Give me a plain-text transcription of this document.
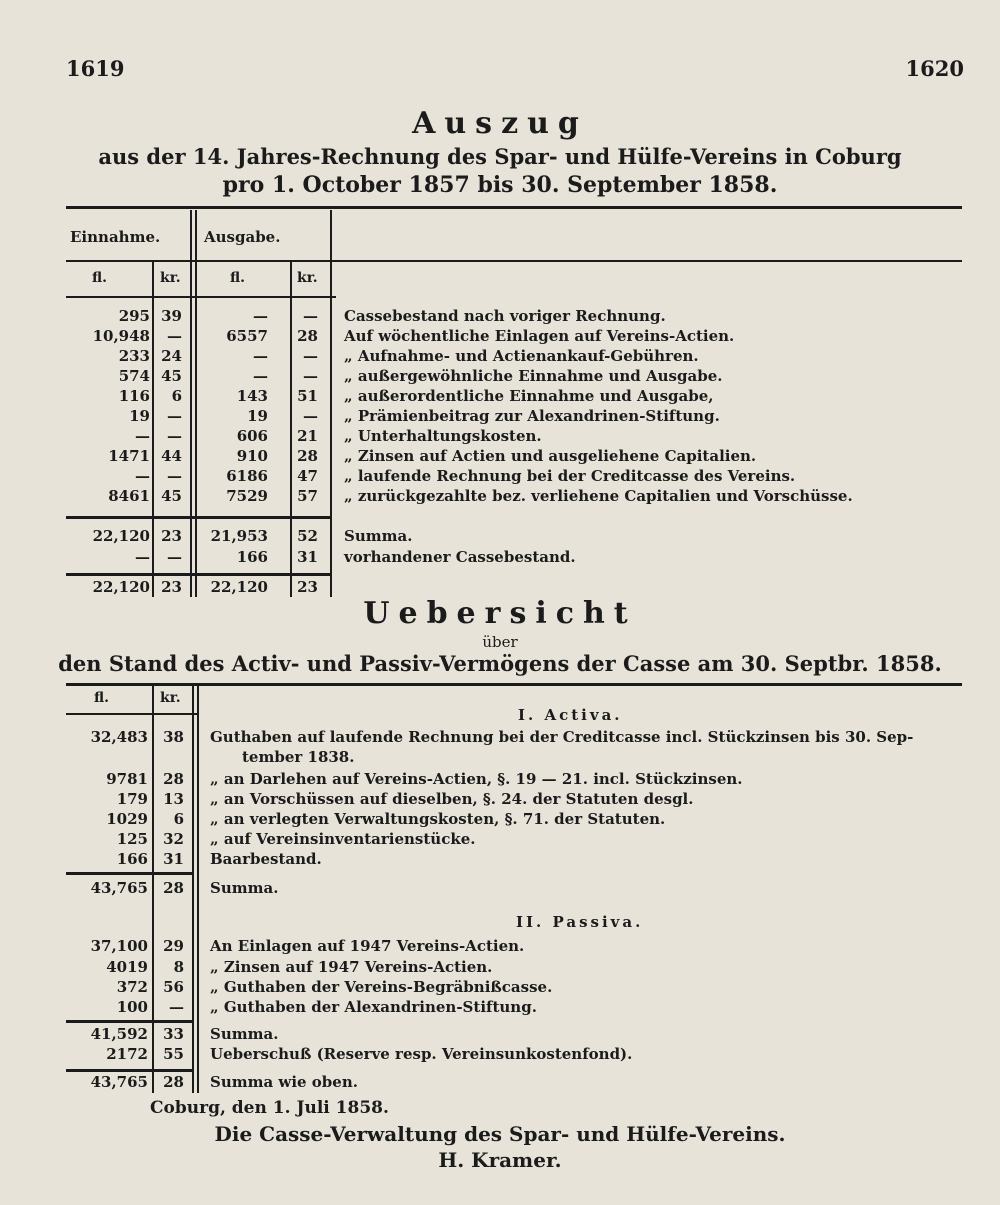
1619	1620
Auszug
aus der 14. Jahres-Rechnung des Spar- und Hülfe-Vereins in Coburg
pro 1. October 1857 bis 30. September 1858.
Einnahme.	Ausgabe.
fl.	kr.	fl.	kr.
295 39	—	— Cassebestand nach voriger Rechnung.
10,948	—	6557	28 Auf wöchentliche Einlagen auf Vereins-Actien.
233 24	—	— „ Aufnahme- und Actienankauf-Gebühren.
574 45	—	— „ außergewöhnliche Einnahme und Ausgabe.
116	6	143	51 „ außerordentliche Einnahme und Ausgabe,
19	—	19	— „ Prämienbeitrag zur Alexandrinen-Stiftung.
—	—	606	21 „ Unterhaltungskosten.
1471 44	910	28 „ Zinsen auf Actien und ausgeliehene Capitalien.
—	—	6186	47 „ laufende Rechnung bei der Creditcasse des Vereins.
8461 45	7529	57 „ zurückgezahlte bez. verliehene Capitalien und Vorschüsse.
22,120 23	21,953	52 Summa.
—	—	166	31 vorhandener Cassebestand.
22,120 23	22,120	23
Uebersicht
über
den Stand des Activ- und Passiv-Vermögens der Casse am 30. Septbr. 1858.
fl.	kr.
I. Activa.
II. Passiva.
32,483	38 Guthaben auf laufende Rechnung bei der Creditcasse incl. Stückzinsen bis 30. Sep-
tember 1838.
9781	28 „ an Darlehen auf Vereins-Actien, §. 19 — 21. incl. Stückzinsen.
179	13 „ an Vorschüssen auf dieselben, §. 24. der Statuten desgl.
1029	6 „ an verlegten Verwaltungskosten, §. 71. der Statuten.
125	32 „ auf Vereinsinventarienstücke.
166	31 Baarbestand.
43,765	28 Summa.
37,100	29 An Einlagen auf 1947 Vereins-Actien.
4019	8 „ Zinsen auf 1947 Vereins-Actien.
372	56 „ Guthaben der Vereins-Begräbnißcasse.
100	— „ Guthaben der Alexandrinen-Stiftung.
41,592	33 Summa.
2172	55 Ueberschuß (Reserve resp. Vereinsunkostenfond).
43,765	28 Summa wie oben.
Coburg, den 1. Juli 1858.
Die Casse-Verwaltung des Spar- und Hülfe-Vereins.
H. Kramer.
